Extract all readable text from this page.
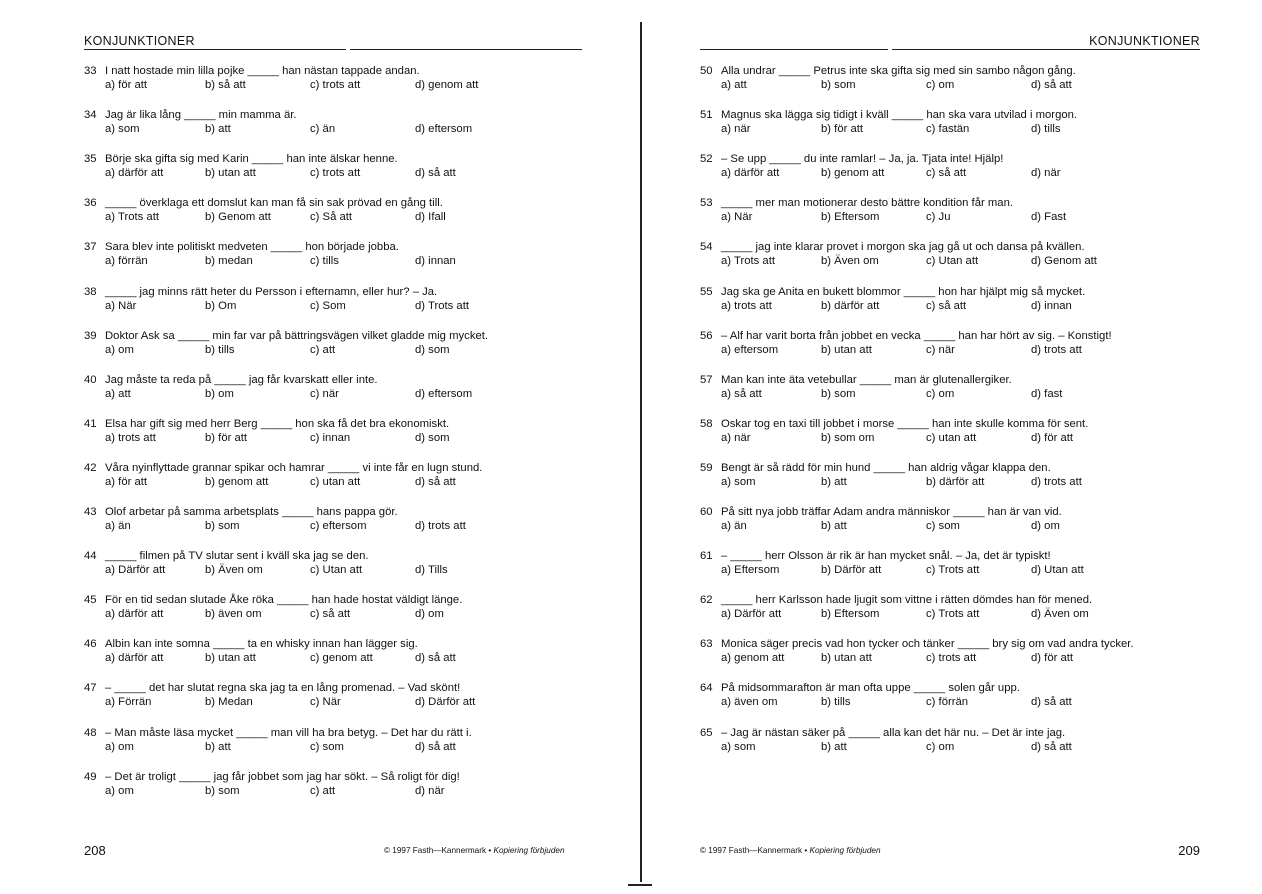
KONJUNKTIONER
33 I natt hostade min lilla pojke _____ han nästan tappade andan.
a) för att	b) så att	c) trots att	d) genom att
34 Jag är lika lång _____ min mamma är.
a) som	b) att	c) än	d) eftersom
35 Börje ska gifta sig med Karin _____ han inte älskar henne.
a) därför att	b) utan att	c) trots att	d) så att
36 _____ överklaga ett domslut kan man få sin sak prövad en gång till.
a) Trots att	b) Genom att	c) Så att	d) Ifall
37 Sara blev inte politiskt medveten _____ hon började jobba.
a) förrän	b) medan	c) tills	d) innan
38 _____ jag minns rätt heter du Persson i efternamn, eller hur? – Ja.
a) När	b) Om	c) Som	d) Trots att
39 Doktor Ask sa _____ min far var på bättringsvägen vilket gladde mig mycket.
a) om	b) tills	c) att	d) som
40 Jag måste ta reda på _____ jag får kvarskatt eller inte.
a) att	b) om	c) när	d) eftersom
41 Elsa har gift sig med herr Berg _____ hon ska få det bra ekonomiskt.
a) trots att	b) för att	c) innan	d) som
42 Våra nyinflyttade grannar spikar och hamrar _____ vi inte får en lugn stund.
a) för att	b) genom att	c) utan att	d) så att
43 Olof arbetar på samma arbetsplats _____ hans pappa gör.
a) än	b) som	c) eftersom	d) trots att
44 _____ filmen på TV slutar sent i kväll ska jag se den.
a) Därför att	b) Även om	c) Utan att	d) Tills
45 För en tid sedan slutade Åke röka _____ han hade hostat väldigt länge.
a) därför att	b) även om	c) så att	d) om
46 Albin kan inte somna _____ ta en whisky innan han lägger sig.
a) därför att	b) utan att	c) genom att	d) så att
47 – _____ det har slutat regna ska jag ta en lång promenad. – Vad skönt!
a) Förrän	b) Medan	c) När	d) Därför att
48 – Man måste läsa mycket _____ man vill ha bra betyg. – Det har du rätt i.
a) om	b) att	c) som	d) så att
49 – Det är troligt _____ jag får jobbet som jag har sökt. – Så roligt för dig!
a) om	b) som	c) att	d) när
208	© 1997 Fasth—Kannermark • Kopiering förbjuden
KONJUNKTIONER
50 Alla undrar _____ Petrus inte ska gifta sig med sin sambo någon gång.
a) att	b) som	c) om	d) så att
51 Magnus ska lägga sig tidigt i kväll _____ han ska vara utvilad i morgon.
a) när	b) för att	c) fastän	d) tills
52 – Se upp _____ du inte ramlar! – Ja, ja. Tjata inte! Hjälp!
a) därför att	b) genom att	c) så att	d) när
53 _____ mer man motionerar desto bättre kondition får man.
a) När	b) Eftersom	c) Ju	d) Fast
54 _____ jag inte klarar provet i morgon ska jag gå ut och dansa på kvällen.
a) Trots att	b) Även om	c) Utan att	d) Genom att
55 Jag ska ge Anita en bukett blommor _____ hon har hjälpt mig så mycket.
a) trots att	b) därför att	c) så att	d) innan
56 – Alf har varit borta från jobbet en vecka _____ han har hört av sig. – Konstigt!
a) eftersom	b) utan att	c) när	d) trots att
57 Man kan inte äta vetebullar _____ man är glutenallergiker.
a) så att	b) som	c) om	d) fast
58 Oskar tog en taxi till jobbet i morse _____ han inte skulle komma för sent.
a) när	b) som om	c) utan att	d) för att
59 Bengt är så rädd för min hund _____ han aldrig vågar klappa den.
a) som	b) att	b) därför att	d) trots att
60 På sitt nya jobb träffar Adam andra människor _____ han är van vid.
a) än	b) att	c) som	d) om
61 – _____ herr Olsson är rik är han mycket snål. – Ja, det är typiskt!
a) Eftersom	b) Därför att	c) Trots att	d) Utan att
62 _____ herr Karlsson hade ljugit som vittne i rätten dömdes han för mened.
a) Därför att	b) Eftersom	c) Trots att	d) Även om
63 Monica säger precis vad hon tycker och tänker _____ bry sig om vad andra tycker.
a) genom att	b) utan att	c) trots att	d) för att
64 På midsommarafton är man ofta uppe _____ solen går upp.
a) även om	b) tills	c) förrän	d) så att
65 – Jag är nästan säker på _____ alla kan det här nu. – Det är inte jag.
a) som	b) att	c) om	d) så att
209
© 1997 Fasth—Kannermark • Kopiering förbjuden
